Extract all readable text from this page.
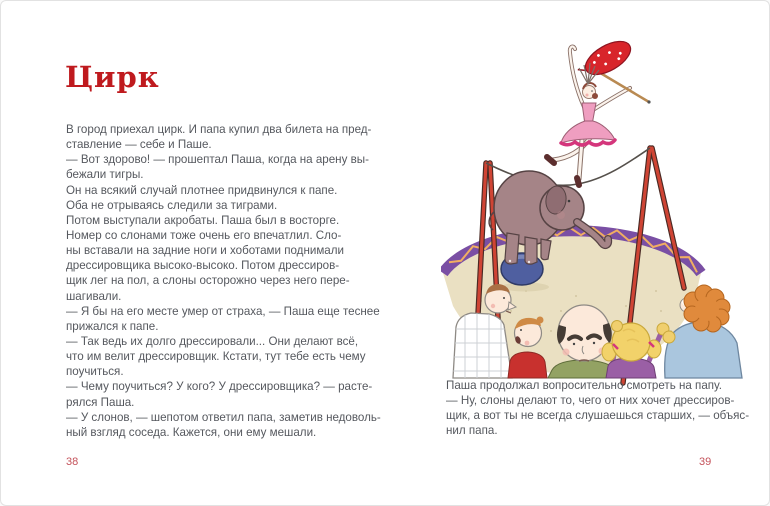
Цирк
В город приехал цирк. И папа купил два билета на пред-
ставление — себе и Паше.
— Вот здорово! — прошептал Паша, когда на арену вы-
бежали тигры.
Он на всякий случай плотнее придвинулся к папе.
Оба не отрываясь следили за тиграми.
Потом выступали акробаты. Паша был в восторге.
Номер со слонами тоже очень его впечатлил. Сло-
ны вставали на задние ноги и хоботами поднимали
дрессировщика высоко-высоко. Потом дрессиров-
щик лег на пол, а слоны осторожно через него пере-
шагивали.
— Я бы на его месте умер от страха, — Паша еще теснее
прижался к папе.
— Так ведь их долго дрессировали... Они делают всё,
что им велит дрессировщик. Кстати, тут тебе есть чему
поучиться.
— Чему поучиться? У кого? У дрессировщика? — расте-
рялся Паша.
— У слонов, — шепотом ответил папа, заметив недоволь-
ный взгляд соседа. Кажется, они ему мешали.
38
Паша продолжал вопросительно смотреть на папу.
— Ну, слоны делают то, чего от них хочет дрессиров-
щик, а вот ты не всегда слушаешься старших, — объяс-
нил папа.
39
